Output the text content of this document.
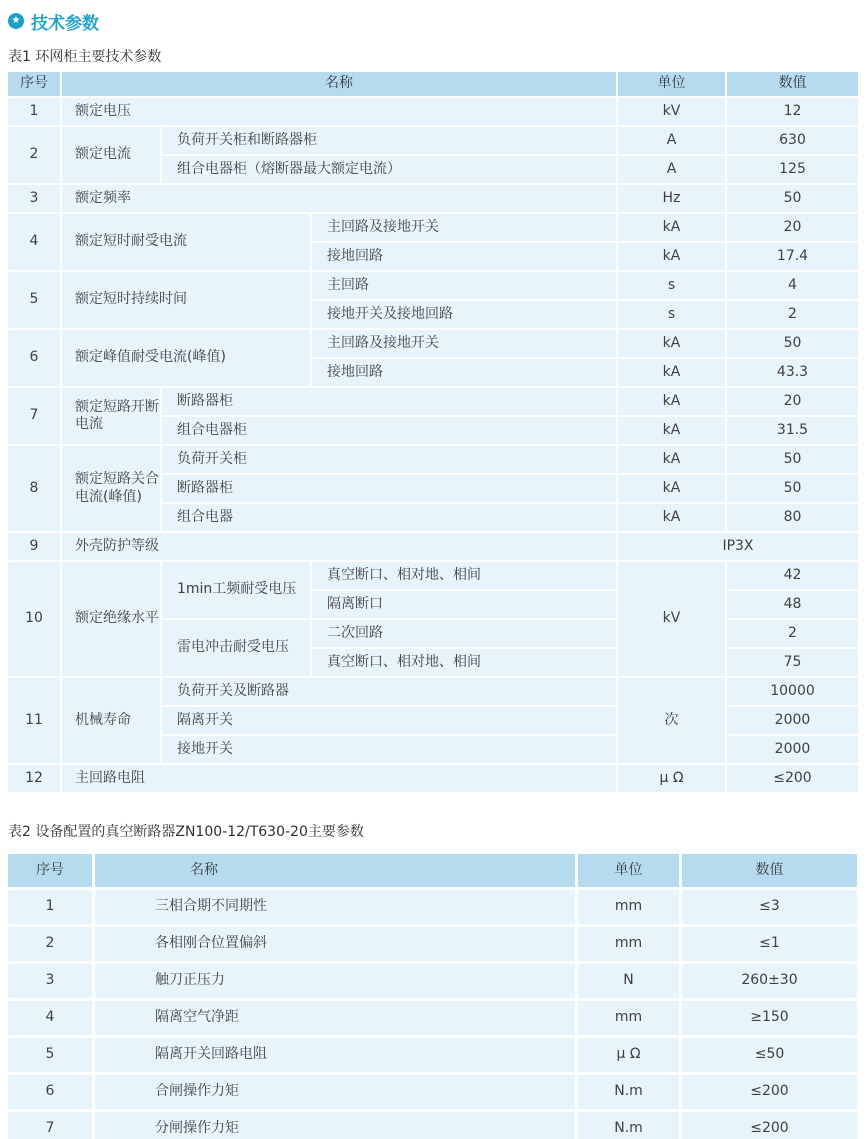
★ 技术参数
表1 环网柜主要技术参数
序号	名称			单位	数值
1	额定电压			kV	12
2	额定电流	负荷开关柜和断路器柜		A	630
		组合电器柜（熔断器最大额定电流）		A	125
3	额定频率			Hz	50
4	额定短时耐受电流		主回路及接地开关	kA	20
			接地回路	kA	17.4
5	额定短时持续时间		主回路	s	4
			接地开关及接地回路	s	2
6	额定峰值耐受电流(峰值)		主回路及接地开关	kA	50
			接地回路	kA	43.3
7	额定短路开断电流	断路器柜		kA	20
		组合电器柜		kA	31.5
8	额定短路关合电流(峰值)	负荷开关柜		kA	50
		断路器柜		kA	50
		组合电器		kA	80
9	外壳防护等级			IP3X	
10	额定绝缘水平	1min工频耐受电压	真空断口、相对地、相间	kV	42
			隔离断口		48
		雷电冲击耐受电压	二次回路		2
			真空断口、相对地、相间		75
11	机械寿命	负荷开关及断路器		次	10000
		隔离开关			2000
		接地开关			2000
12	主回路电阻			μ Ω	≤200
表2 设备配置的真空断路器ZN100-12/T630-20主要参数
序号	名称	单位	数值
1	三相合期不同期性	mm	≤3
2	各相刚合位置偏斜	mm	≤1
3	触刀正压力	N	260±30
4	隔离空气净距	mm	≥150
5	隔离开关回路电阻	μ Ω	≤50
6	合闸操作力矩	N.m	≤200
7	分闸操作力矩	N.m	≤200
